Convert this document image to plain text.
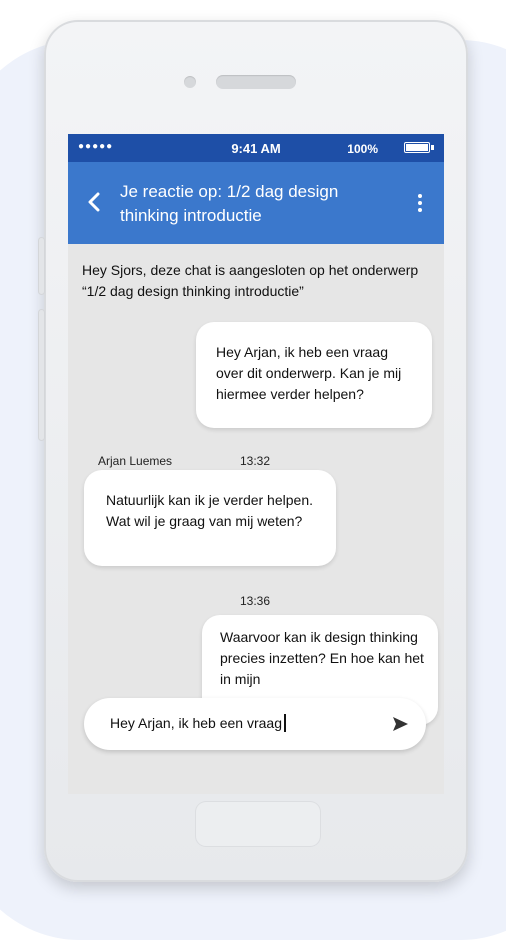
●●●●●	9:41 AM	100%
Je reactie op: 1/2 dag design thinking introductie
Hey Sjors, deze chat is aangesloten op het onderwerp “1/2 dag design thinking introductie”
Hey Arjan, ik heb een vraag over dit onderwerp. Kan je mij hiermee verder helpen?
Arjan Luemes	13:32
Natuurlijk kan ik je verder helpen. Wat wil je graag van mij weten?
13:36
Waarvoor kan ik design thinking precies inzetten? En hoe kan het in mijn
Hey Arjan, ik heb een vraag
